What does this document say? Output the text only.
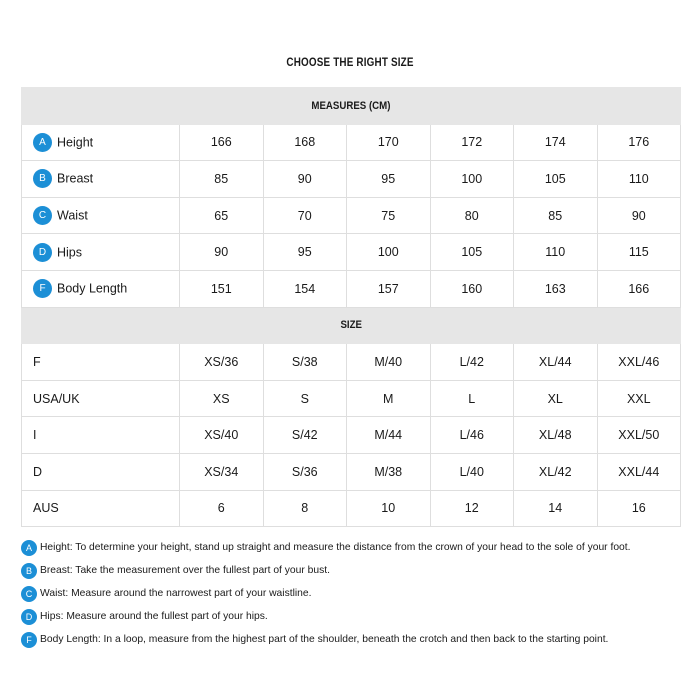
CHOOSE THE RIGHT SIZE
MEASURES (CM)						
A Height	166	168	170	172	174	176
B Breast	85	90	95	100	105	110
C Waist	65	70	75	80	85	90
D Hips	90	95	100	105	110	115
F Body Length	151	154	157	160	163	166
SIZE						
F	XS/36	S/38	M/40	L/42	XL/44	XXL/46
USA/UK	XS	S	M	L	XL	XXL
I	XS/40	S/42	M/44	L/46	XL/48	XXL/50
D	XS/34	S/36	M/38	L/40	XL/42	XXL/44
AUS	6	8	10	12	14	16
A Height: To determine your height, stand up straight and measure the distance from the crown of your head to the sole of your foot.
B Breast: Take the measurement over the fullest part of your bust.
C Waist: Measure around the narrowest part of your waistline.
D Hips: Measure around the fullest part of your hips.
F Body Length: In a loop, measure from the highest part of the shoulder, beneath the crotch and then back to the starting point.
